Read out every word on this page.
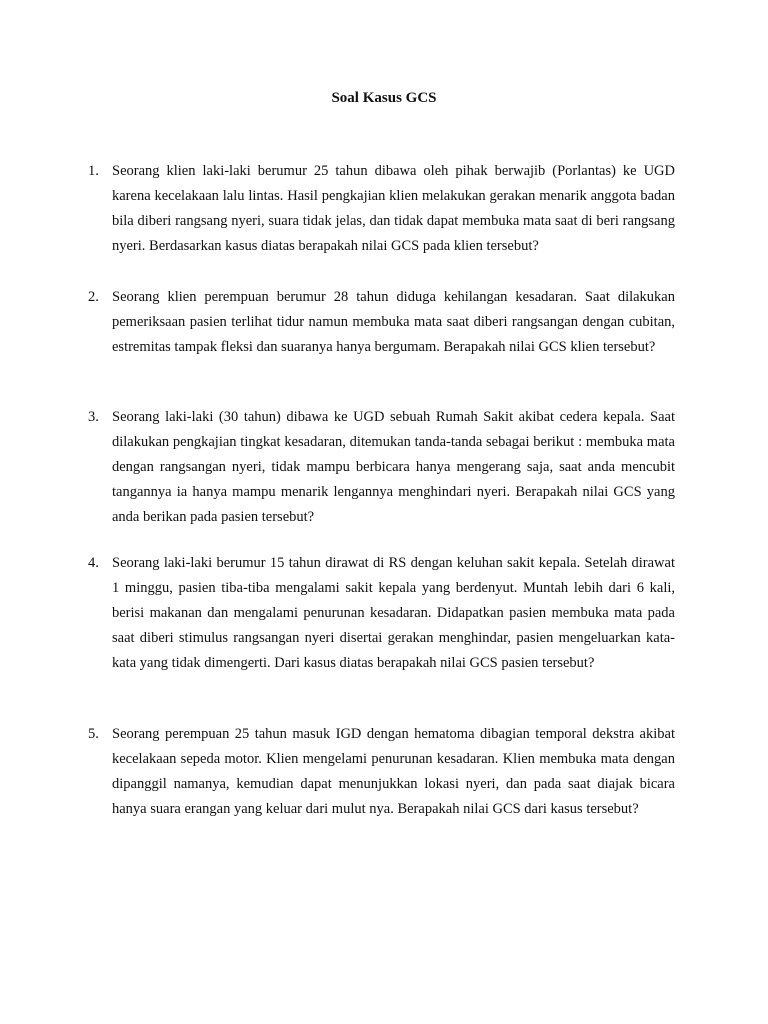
Soal Kasus GCS
1. Seorang klien laki-laki berumur 25 tahun dibawa oleh pihak berwajib (Porlantas) ke UGD karena kecelakaan lalu lintas. Hasil pengkajian klien melakukan gerakan menarik anggota badan bila diberi rangsang nyeri, suara tidak jelas, dan tidak dapat membuka mata saat di beri rangsang nyeri. Berdasarkan kasus diatas berapakah nilai GCS pada klien tersebut?

2. Seorang klien perempuan berumur 28 tahun diduga kehilangan kesadaran. Saat dilakukan pemeriksaan pasien terlihat tidur namun membuka mata saat diberi rangsangan dengan cubitan, estremitas tampak fleksi dan suaranya hanya bergumam. Berapakah nilai GCS klien tersebut?

3. Seorang laki-laki (30 tahun) dibawa ke UGD sebuah Rumah Sakit akibat cedera kepala. Saat dilakukan pengkajian tingkat kesadaran, ditemukan tanda-tanda sebagai berikut : membuka mata dengan rangsangan nyeri, tidak mampu berbicara hanya mengerang saja, saat anda mencubit tangannya ia hanya mampu menarik lengannya menghindari nyeri. Berapakah nilai GCS yang anda berikan pada pasien tersebut?

4. Seorang laki-laki berumur 15 tahun dirawat di RS dengan keluhan sakit kepala. Setelah dirawat 1 minggu, pasien tiba-tiba mengalami sakit kepala yang berdenyut. Muntah lebih dari 6 kali, berisi makanan dan mengalami penurunan kesadaran. Didapatkan pasien membuka mata pada saat diberi stimulus rangsangan nyeri disertai gerakan menghindar, pasien mengeluarkan kata-kata yang tidak dimengerti. Dari kasus diatas berapakah nilai GCS pasien tersebut?

5. Seorang perempuan 25 tahun masuk IGD dengan hematoma dibagian temporal dekstra akibat kecelakaan sepeda motor. Klien mengelami penurunan kesadaran. Klien membuka mata dengan dipanggil namanya, kemudian dapat menunjukkan lokasi nyeri, dan pada saat diajak bicara hanya suara erangan yang keluar dari mulut nya. Berapakah nilai GCS dari kasus tersebut?
